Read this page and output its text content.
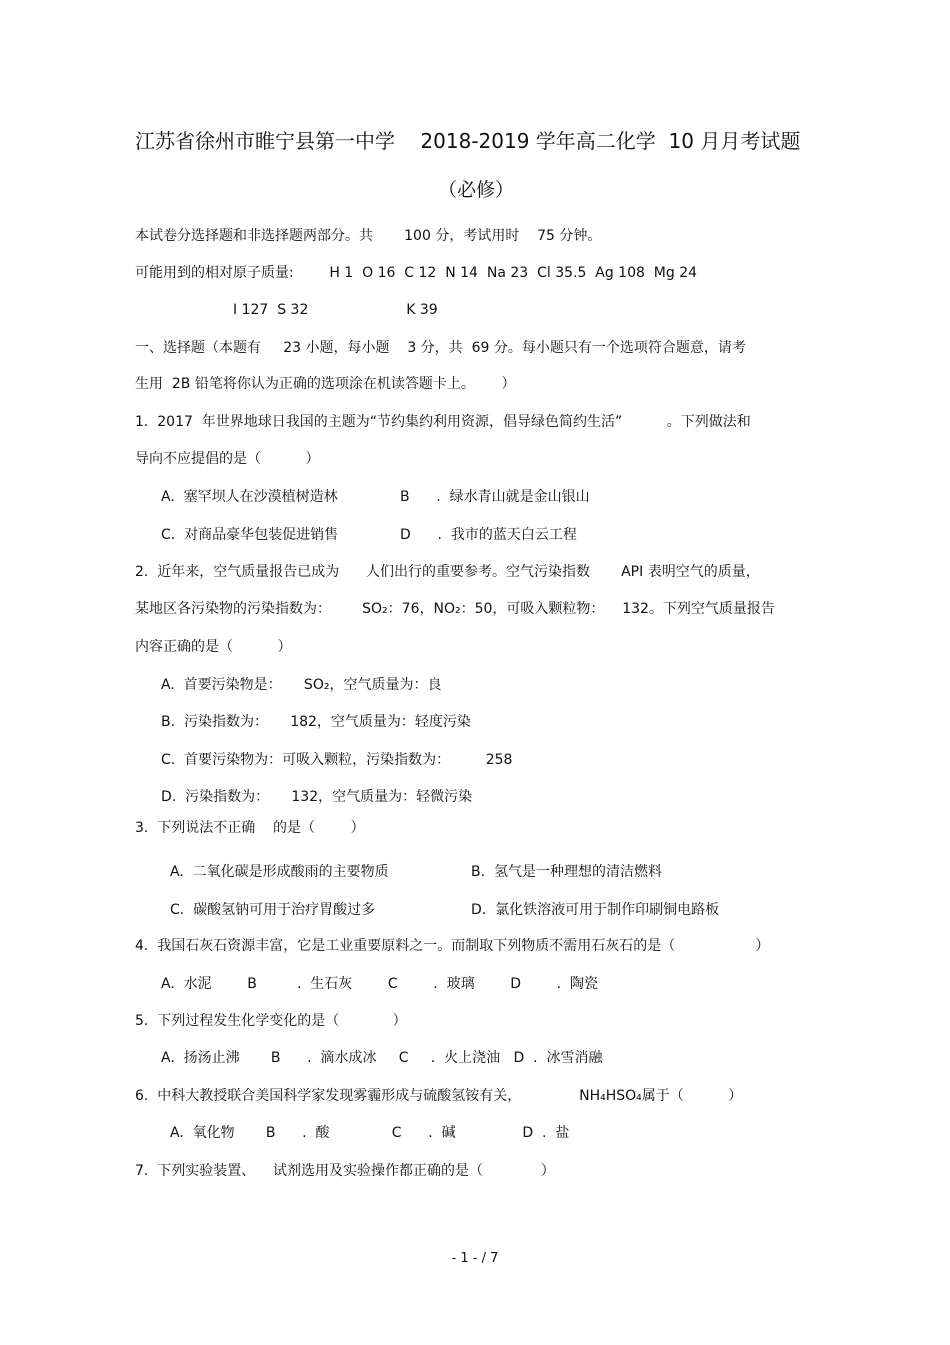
江苏省徐州市睢宁县第一中学    2018-2019 学年高二化学  10 月月考试题
（必修）
本试卷分选择题和非选择题两部分。共       100 分，考试用时    75 分钟。
可能用到的相对原子质量:        H 1  O 16  C 12  N 14  Na 23  Cl 35.5  Ag 108  Mg 24
I 127  S 32                      K 39
一、选择题（本题有     23 小题，每小题    3 分，共  69 分。每小题只有一个选项符合题意，请考
生用  2B 铅笔将你认为正确的选项涂在机读答题卡上。      ）
1.  2017  年世界地球日我国的主题为“节约集约利用资源，倡导绿色简约生活”          。下列做法和
导向不应提倡的是（          ）
A.  塞罕坝人在沙漠植树造林	B      .  绿水青山就是金山银山
C.  对商品豪华包装促进销售	D      .  我市的蓝天白云工程
2.  近年来，空气质量报告已成为      人们出行的重要参考。空气污染指数       API 表明空气的质量，
某地区各污染物的污染指数为：       SO₂：76，NO₂：50，可吸入颗粒物：    132。下列空气质量报告
内容正确的是（          ）
A.  首要污染物是：     SO₂，空气质量为：良
B.  污染指数为：     182，空气质量为：轻度污染
C.  首要污染物为：可吸入颗粒，污染指数为：        258
D.  污染指数为：     132，空气质量为：轻微污染
3.  下列说法不正确    的是（        ）
A.  二氧化碳是形成酸雨的主要物质	B.  氢气是一种理想的清洁燃料
C.  碳酸氢钠可用于治疗胃酸过多	D.  氯化铁溶液可用于制作印刷铜电路板
4.  我国石灰石资源丰富，它是工业重要原料之一。而制取下列物质不需用石灰石的是（                  ）
A.  水泥        B         .  生石灰        C        .  玻璃        D        .  陶瓷
5.  下列过程发生化学变化的是（            ）
A.  扬汤止沸       B      .  滴水成冰     C     .  火上浇油   D  .  冰雪消融
6.  中科大教授联合美国科学家发现雾霾形成与硫酸氢铵有关，             NH₄HSO₄属于（          ）
A.  氧化物       B      .  酸              C      .  碱               D  .  盐
7.  下列实验装置、    试剂选用及实验操作都正确的是（             ）
- 1 - / 7
